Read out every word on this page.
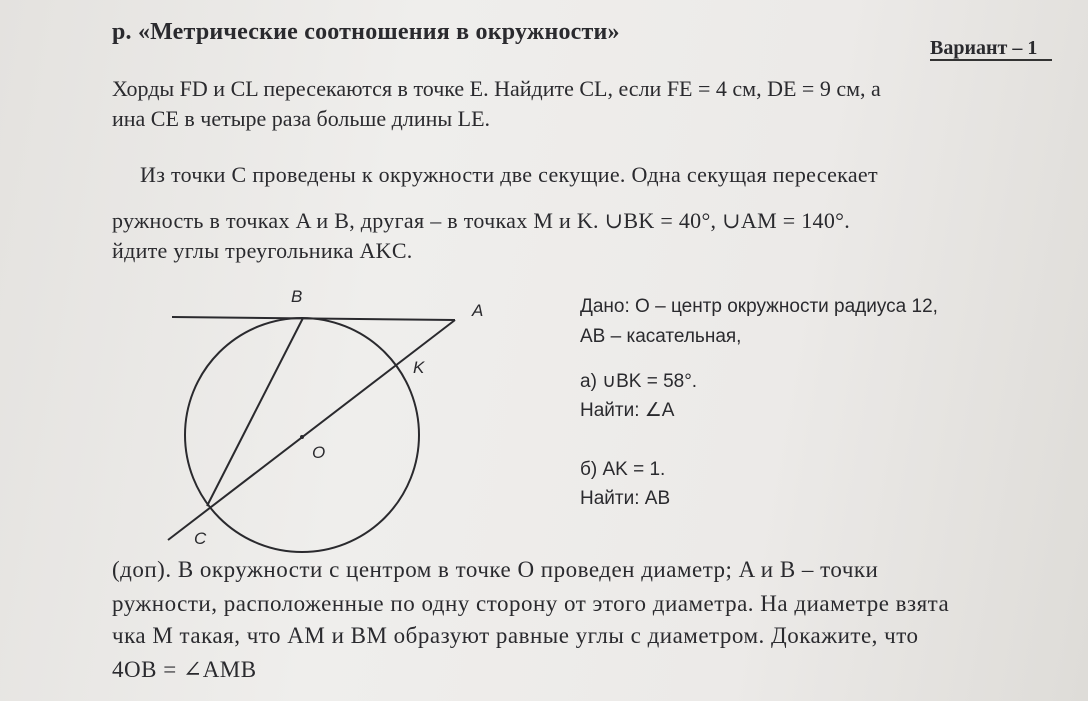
р. «Метрические соотношения в окружности»
Вариант – 1
Хорды FD и CL пересекаются в точке E. Найдите CL, если FE = 4 см, DE = 9 см, а
ина CE в четыре раза больше длины LE.
Из точки C проведены к окружности две секущие. Одна секущая пересекает
ружность в точках A и B, другая – в точках M и K. ∪BK = 40°, ∪AM = 140°.
йдите углы треугольника AKC.
B
A
K
O
C
Дано: O – центр окружности радиуса 12,
AB – касательная,
а) ∪BK = 58°.
Найти: ∠A
б) AK = 1.
Найти: AB
(доп). В окружности с центром в точке O проведен диаметр; A и B – точки
ружности, расположенные по одну сторону от этого диаметра. На диаметре взята
чка M такая, что AM и BM образуют равные углы с диаметром. Докажите, что
4OB = ∠AMB
